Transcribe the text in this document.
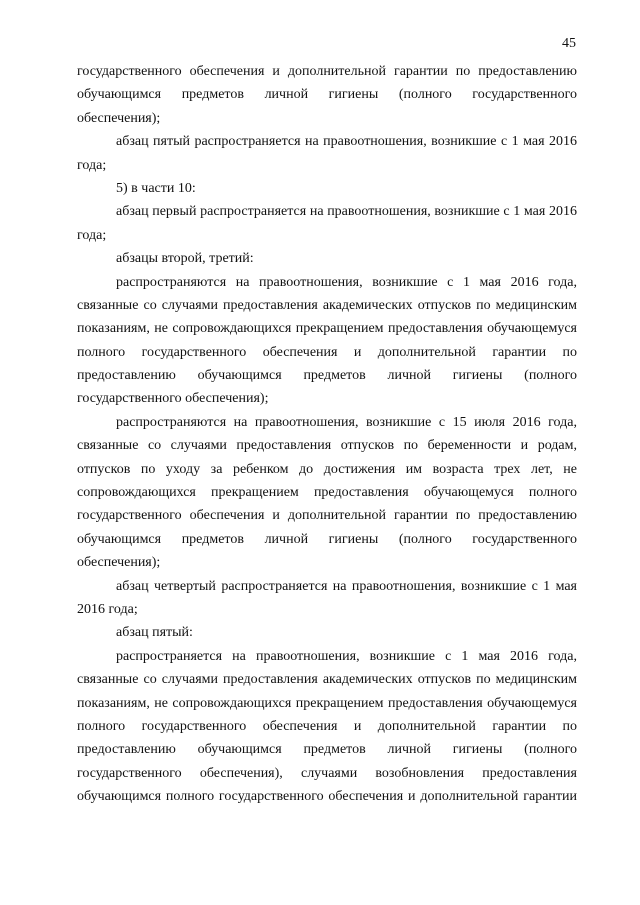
45
государственного обеспечения и дополнительной гарантии по предоставлению
обучающимся предметов личной гигиены (полного государственного
обеспечения);
абзац пятый распространяется на правоотношения, возникшие с 1 мая 2016
года;
5) в части 10:
абзац первый распространяется на правоотношения, возникшие с 1 мая 2016
года;
абзацы второй, третий:
распространяются на правоотношения, возникшие с 1 мая 2016 года,
связанные со случаями предоставления академических отпусков по медицинским
показаниям, не сопровождающихся прекращением предоставления обучающемуся
полного государственного обеспечения и дополнительной гарантии по
предоставлению обучающимся предметов личной гигиены (полного
государственного обеспечения);
распространяются на правоотношения, возникшие с 15 июля 2016 года,
связанные со случаями предоставления отпусков по беременности и родам,
отпусков по уходу за ребенком до достижения им возраста трех лет, не
сопровождающихся прекращением предоставления обучающемуся полного
государственного обеспечения и дополнительной гарантии по предоставлению
обучающимся предметов личной гигиены (полного государственного
обеспечения);
абзац четвертый распространяется на правоотношения, возникшие с 1 мая
2016 года;
абзац пятый:
распространяется на правоотношения, возникшие с 1 мая 2016 года,
связанные со случаями предоставления академических отпусков по медицинским
показаниям, не сопровождающихся прекращением предоставления обучающемуся
полного государственного обеспечения и дополнительной гарантии по
предоставлению обучающимся предметов личной гигиены (полного
государственного обеспечения), случаями возобновления предоставления
обучающимся полного государственного обеспечения и дополнительной гарантии
